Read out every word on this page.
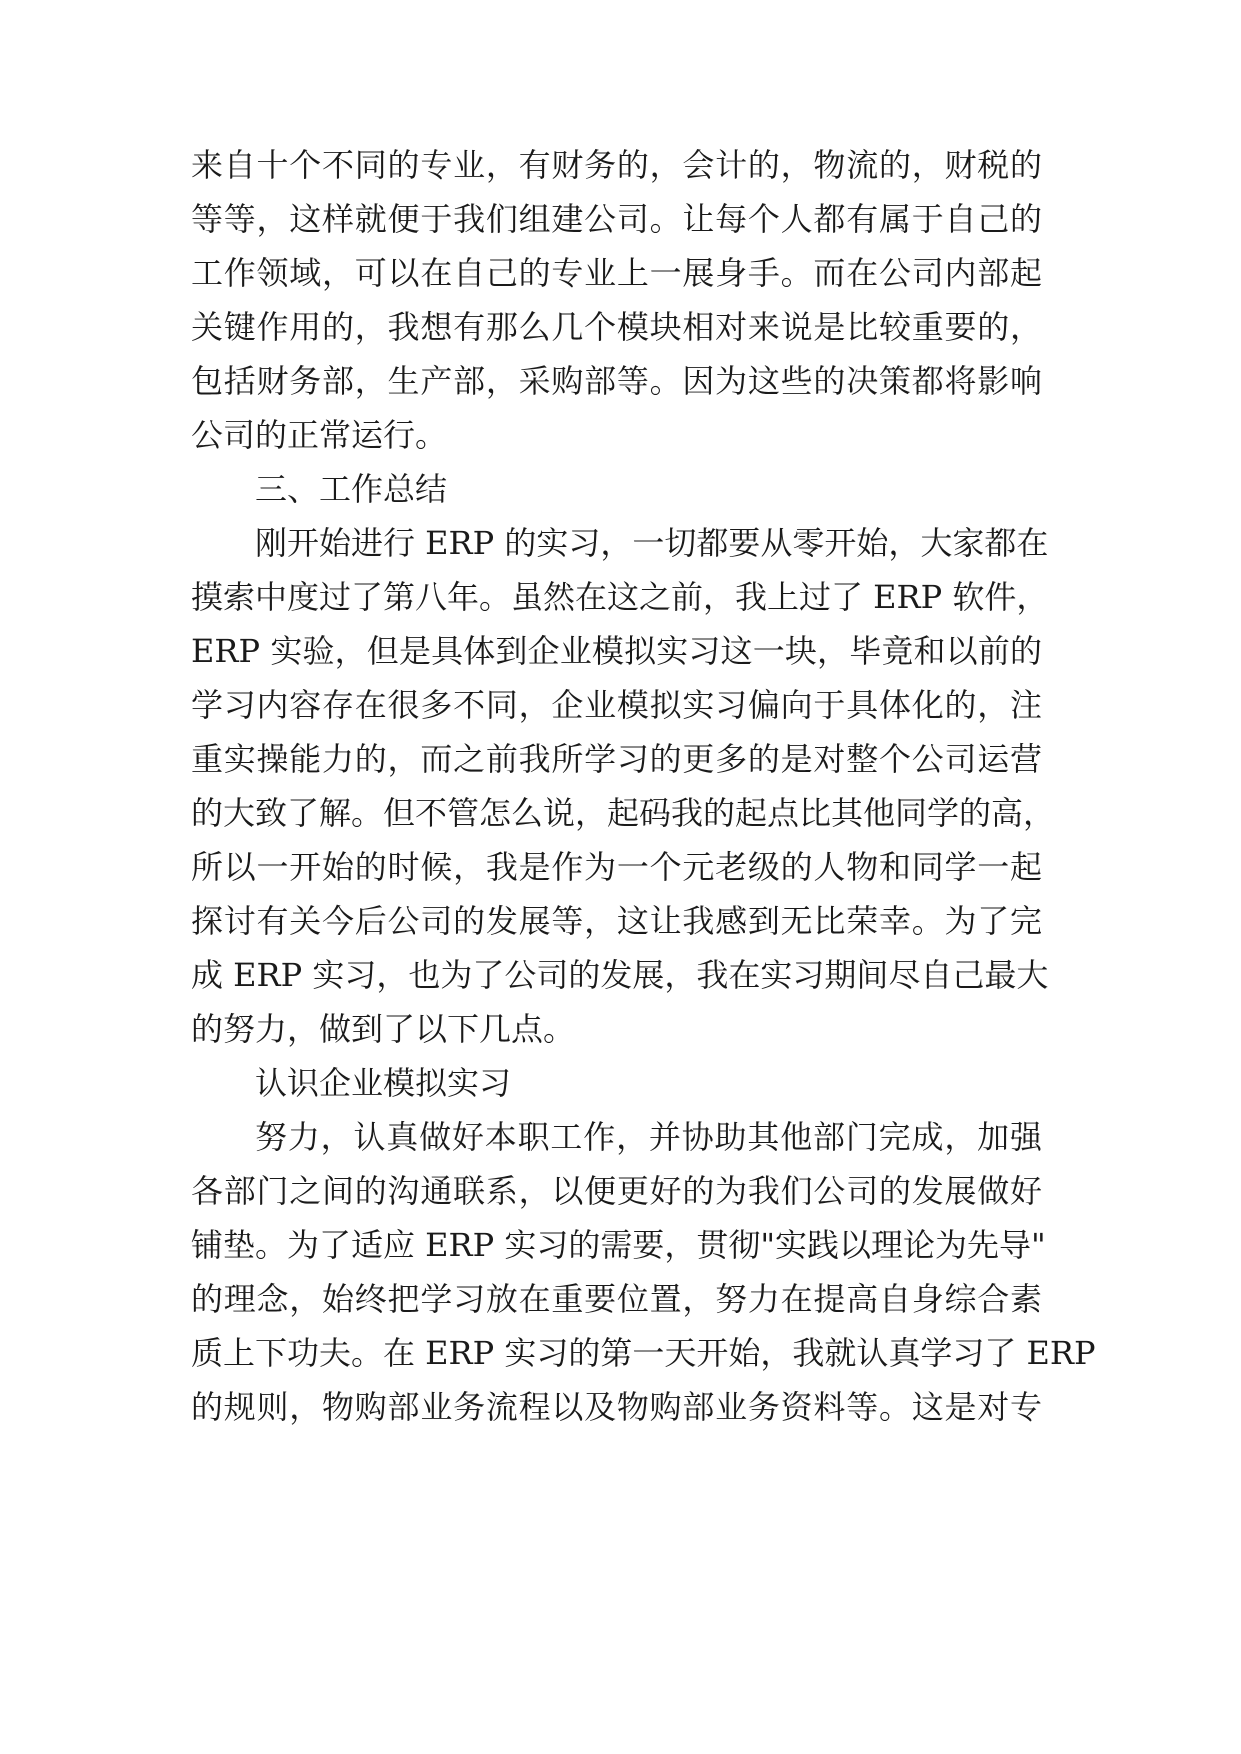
来自十个不同的专业，有财务的，会计的，物流的，财税的
等等，这样就便于我们组建公司。让每个人都有属于自己的
工作领域，可以在自己的专业上一展身手。而在公司内部起
关键作用的，我想有那么几个模块相对来说是比较重要的，
包括财务部，生产部，采购部等。因为这些的决策都将影响
公司的正常运行。
三、工作总结
刚开始进行 ERP 的实习，一切都要从零开始，大家都在
摸索中度过了第八年。虽然在这之前，我上过了 ERP 软件，
ERP 实验，但是具体到企业模拟实习这一块，毕竟和以前的
学习内容存在很多不同，企业模拟实习偏向于具体化的，注
重实操能力的，而之前我所学习的更多的是对整个公司运营
的大致了解。但不管怎么说，起码我的起点比其他同学的高，
所以一开始的时候，我是作为一个元老级的人物和同学一起
探讨有关今后公司的发展等，这让我感到无比荣幸。为了完
成 ERP 实习，也为了公司的发展，我在实习期间尽自己最大
的努力，做到了以下几点。
认识企业模拟实习
努力，认真做好本职工作，并协助其他部门完成，加强
各部门之间的沟通联系，以便更好的为我们公司的发展做好
铺垫。为了适应 ERP 实习的需要，贯彻"实践以理论为先导"
的理念，始终把学习放在重要位置，努力在提高自身综合素
质上下功夫。在 ERP 实习的第一天开始，我就认真学习了 ERP
的规则，物购部业务流程以及物购部业务资料等。这是对专
